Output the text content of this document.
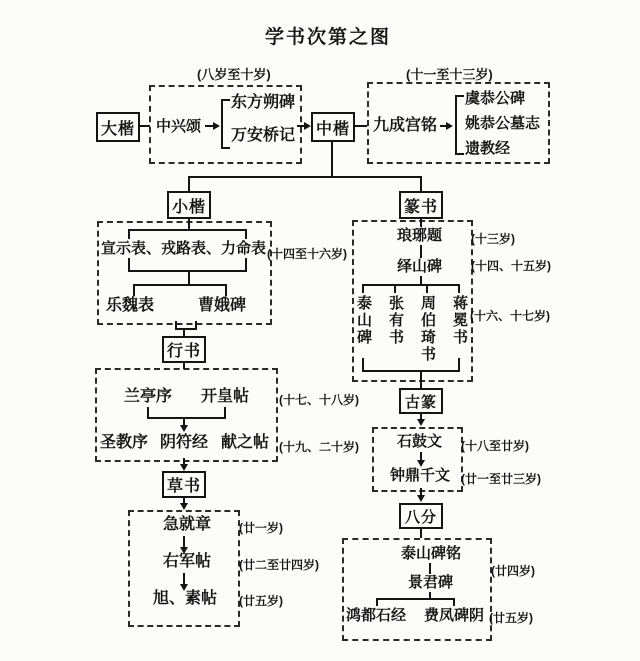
学书次第之图
(八岁至十岁)
大楷	中兴颂
东方朔碑
万安桥记
(十一至十三岁)
中楷	九成宫铭
虞恭公碑
姚恭公墓志
遗教经
小楷
宣示表、戎路表、力命表 (十四至十六岁)
乐魏表	曹娥碑
行书
兰亭序 开皇帖 (十七、十八岁)
圣教序 阴符经 献之帖 (十九、二十岁)
草书
急就章 (廿一岁)
右军帖 (廿二至廿四岁)
旭、素帖 (廿五岁)
篆书
琅琊题 (十三岁)
绎山碑 (十四、十五岁)
泰山碑 张有书 周伯琦书 蒋冕书 (十六、十七岁)
古篆
石鼓文 (十八至廿岁)
钟鼎千文 (廿一至廿三岁)
八分
泰山碑铭
景君碑
(廿四岁)
鸿都石经 费凤碑阴 (廿五岁)
